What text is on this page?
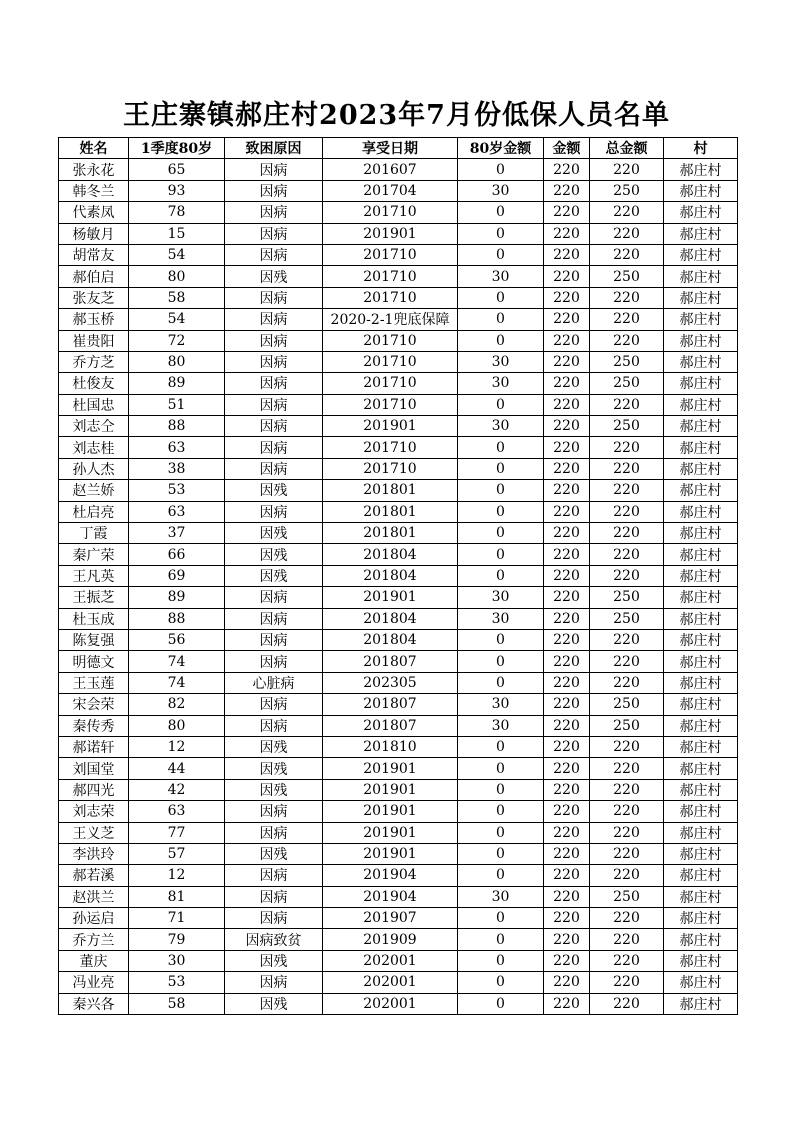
王庄寨镇郝庄村2023年7月份低保人员名单
姓名	1季度80岁	致困原因	享受日期	80岁金额	金额	总金额	村
张永花	65	因病	201607	0	220	220	郝庄村
韩冬兰	93	因病	201704	30	220	250	郝庄村
代素凤	78	因病	201710	0	220	220	郝庄村
杨敏月	15	因病	201901	0	220	220	郝庄村
胡常友	54	因病	201710	0	220	220	郝庄村
郝伯启	80	因残	201710	30	220	250	郝庄村
张友芝	58	因病	201710	0	220	220	郝庄村
郝玉桥	54	因病	2020-2-1兜底保障	0	220	220	郝庄村
崔贵阳	72	因病	201710	0	220	220	郝庄村
乔方芝	80	因病	201710	30	220	250	郝庄村
杜俊友	89	因病	201710	30	220	250	郝庄村
杜国忠	51	因病	201710	0	220	220	郝庄村
刘志仝	88	因病	201901	30	220	250	郝庄村
刘志桂	63	因病	201710	0	220	220	郝庄村
孙人杰	38	因病	201710	0	220	220	郝庄村
赵兰娇	53	因残	201801	0	220	220	郝庄村
杜启亮	63	因病	201801	0	220	220	郝庄村
丁霞	37	因残	201801	0	220	220	郝庄村
秦广荣	66	因残	201804	0	220	220	郝庄村
王凡英	69	因残	201804	0	220	220	郝庄村
王振芝	89	因病	201901	30	220	250	郝庄村
杜玉成	88	因病	201804	30	220	250	郝庄村
陈复强	56	因病	201804	0	220	220	郝庄村
明德文	74	因病	201807	0	220	220	郝庄村
王玉莲	74	心脏病	202305	0	220	220	郝庄村
宋会荣	82	因病	201807	30	220	250	郝庄村
秦传秀	80	因病	201807	30	220	250	郝庄村
郝诺轩	12	因残	201810	0	220	220	郝庄村
刘国堂	44	因残	201901	0	220	220	郝庄村
郝四光	42	因残	201901	0	220	220	郝庄村
刘志荣	63	因病	201901	0	220	220	郝庄村
王义芝	77	因病	201901	0	220	220	郝庄村
李洪玲	57	因残	201901	0	220	220	郝庄村
郝若溪	12	因病	201904	0	220	220	郝庄村
赵洪兰	81	因病	201904	30	220	250	郝庄村
孙运启	71	因病	201907	0	220	220	郝庄村
乔方兰	79	因病致贫	201909	0	220	220	郝庄村
董庆	30	因残	202001	0	220	220	郝庄村
冯业亮	53	因病	202001	0	220	220	郝庄村
秦兴各	58	因残	202001	0	220	220	郝庄村
